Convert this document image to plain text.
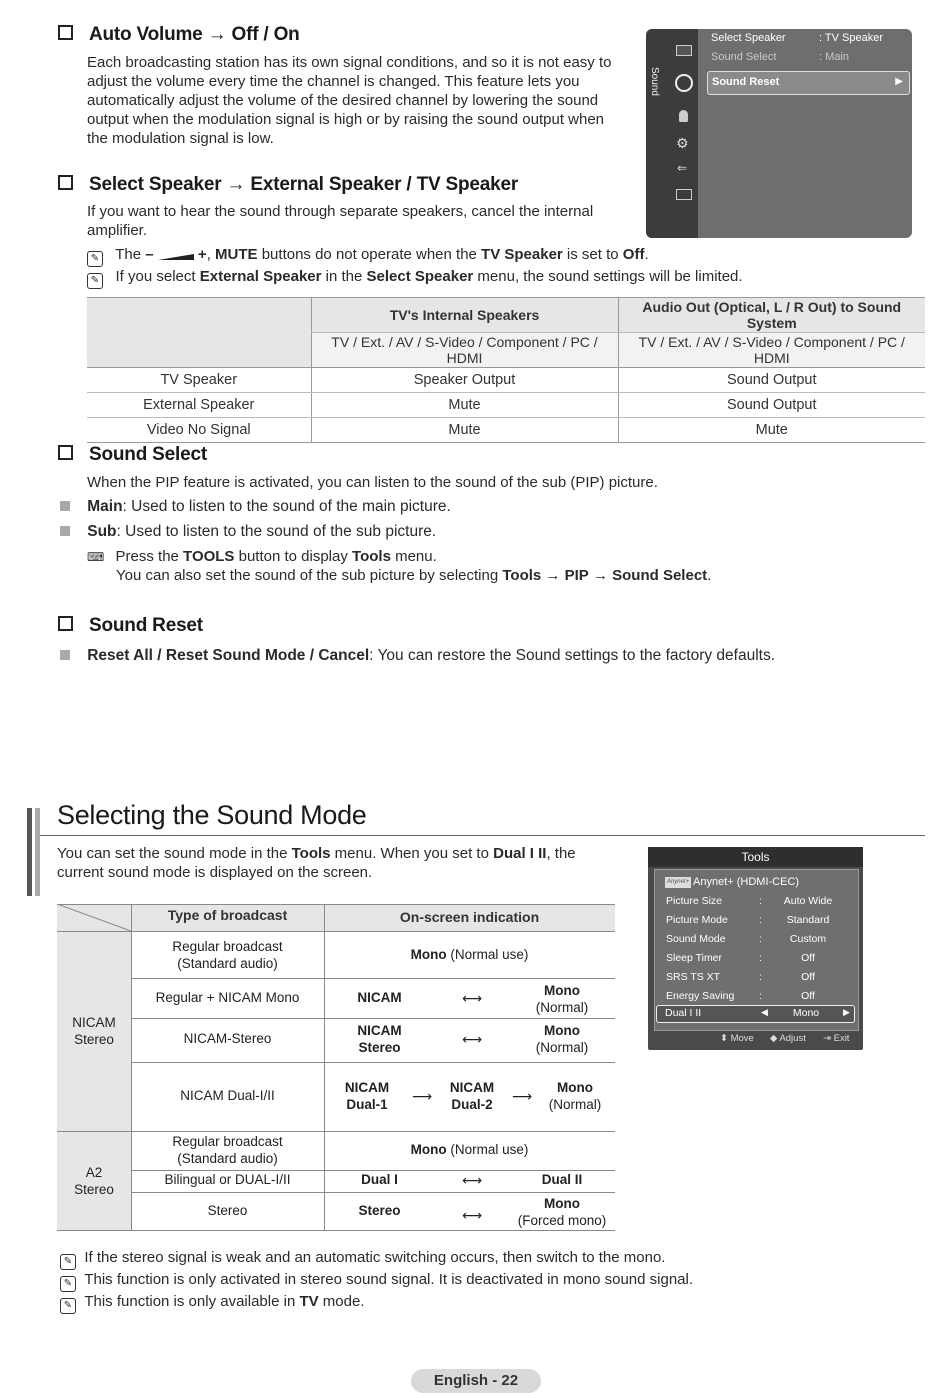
Auto Volume → Off / On
Each broadcasting station has its own signal conditions, and so it is not easy to adjust the volume every time the channel is changed. This feature lets you automatically adjust the volume of the desired channel by lowering the sound output when the modulation signal is high or by raising the sound output when the modulation signal is low.
Sound
⚙
⇐
Select Speaker	: TV Speaker
Sound Select	: Main
Sound Reset	▶
Select Speaker → External Speaker / TV Speaker
If you want to hear the sound through separate speakers, cancel the internal amplifier.
✎ The –  +, MUTE buttons do not operate when the TV Speaker is set to Off.
✎ If you select External Speaker in the Select Speaker menu, the sound settings will be limited.
	TV's Internal Speakers	Audio Out (Optical, L / R Out) to Sound System
	TV / Ext. / AV / S-Video / Component / PC / HDMI	TV / Ext. / AV / S-Video / Component / PC / HDMI
TV Speaker	Speaker Output	Sound Output
External Speaker	Mute	Sound Output
Video No Signal	Mute	Mute
Sound Select
When the PIP feature is activated, you can listen to the sound of the sub (PIP) picture.
Main: Used to listen to the sound of the main picture.
Sub: Used to listen to the sound of the sub picture.
⌨ Press the TOOLS button to display Tools menu.
You can also set the sound of the sub picture by selecting Tools → PIP → Sound Select.
Sound Reset
Reset All / Reset Sound Mode / Cancel: You can restore the Sound settings to the factory defaults.
Selecting the Sound Mode
You can set the sound mode in the Tools menu. When you set to Dual I II, the current sound mode is displayed on the screen.
Type of broadcast	On-screen indication
NICAM
Stereo
A2
Stereo
Regular broadcast
(Standard audio)
Mono (Normal use)
Regular + NICAM Mono	NICAM	⟷	Mono
(Normal)
NICAM-Stereo
NICAM
Stereo
⟷
Mono
(Normal)
NICAM Dual-I/II
NICAM
Dual-1
⟶
NICAM
Dual-2
⟶
Mono
(Normal)
Regular broadcast
(Standard audio)
Mono (Normal use)
Bilingual or DUAL-I/II	Dual I	⟷	Dual II
Stereo	Stereo	⟷
Mono
(Forced mono)
Tools
Anynet+ Anynet+ (HDMI-CEC)
Picture Size	:	Auto Wide
Picture Mode	:	Standard
Sound Mode	:	Custom
Sleep Timer	:	Off
SRS TS XT	:	Off
Energy Saving :	Off
Dual I II	◀	Mono	▶
⬍ Move ◆ Adjust ⇥ Exit
✎ If the stereo signal is weak and an automatic switching occurs, then switch to the mono.
✎ This function is only activated in stereo sound signal. It is deactivated in mono sound signal.
✎ This function is only available in TV mode.
English - 22
